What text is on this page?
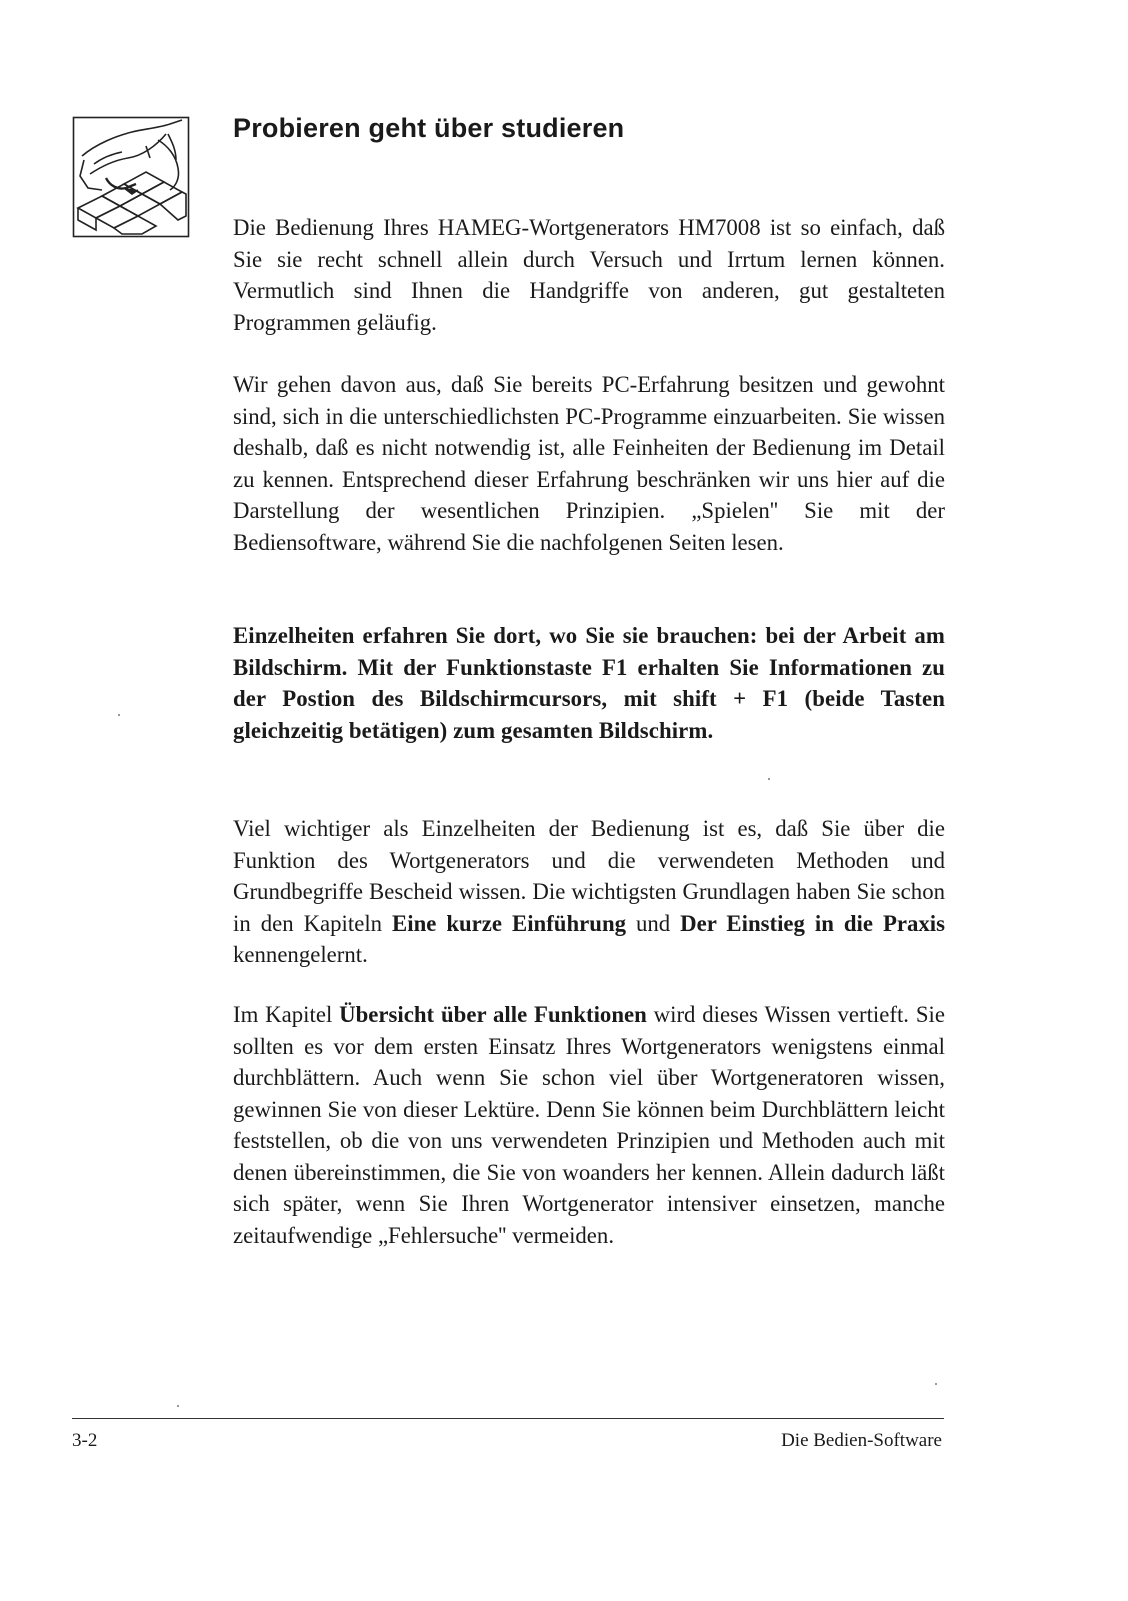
Probieren geht über studieren

Die Bedienung Ihres HAMEG-Wortgenerators HM7008 ist so einfach, daß Sie sie recht schnell allein durch Versuch und Irrtum lernen können. Vermutlich sind Ihnen die Handgriffe von anderen, gut gestalteten Programmen geläufig.

Wir gehen davon aus, daß Sie bereits PC-Erfahrung besitzen und gewohnt sind, sich in die unterschiedlichsten PC-Programme einzuarbeiten. Sie wissen deshalb, daß es nicht notwendig ist, alle Feinheiten der Bedienung im Detail zu kennen. Entsprechend dieser Erfahrung beschränken wir uns hier auf die Darstellung der wesentlichen Prinzipien. „Spielen'' Sie mit der Bediensoftware, während Sie die nachfolgenen Seiten lesen.

Einzelheiten erfahren Sie dort, wo Sie sie brauchen: bei der Arbeit am Bildschirm. Mit der Funktionstaste F1 erhalten Sie Informationen zu der Postion des Bildschirmcursors, mit shift + F1 (beide Tasten gleichzeitig betätigen) zum gesamten Bildschirm.

Viel wichtiger als Einzelheiten der Bedienung ist es, daß Sie über die Funktion des Wortgenerators und die verwendeten Methoden und Grundbegriffe Bescheid wissen. Die wichtigsten Grundlagen haben Sie schon in den Kapiteln Eine kurze Einführung und Der Einstieg in die Praxis kennengelernt.

Im Kapitel Übersicht über alle Funktionen wird dieses Wissen vertieft. Sie sollten es vor dem ersten Einsatz Ihres Wortgenerators wenigstens einmal durchblättern. Auch wenn Sie schon viel über Wortgeneratoren wissen, gewinnen Sie von dieser Lektüre. Denn Sie können beim Durchblättern leicht feststellen, ob die von uns verwendeten Prinzipien und Methoden auch mit denen übereinstimmen, die Sie von woanders her kennen. Allein dadurch läßt sich später, wenn Sie Ihren Wortgenerator intensiver einsetzen, manche zeitaufwendige „Fehlersuche'' vermeiden.

3-2	Die Bedien-Software
